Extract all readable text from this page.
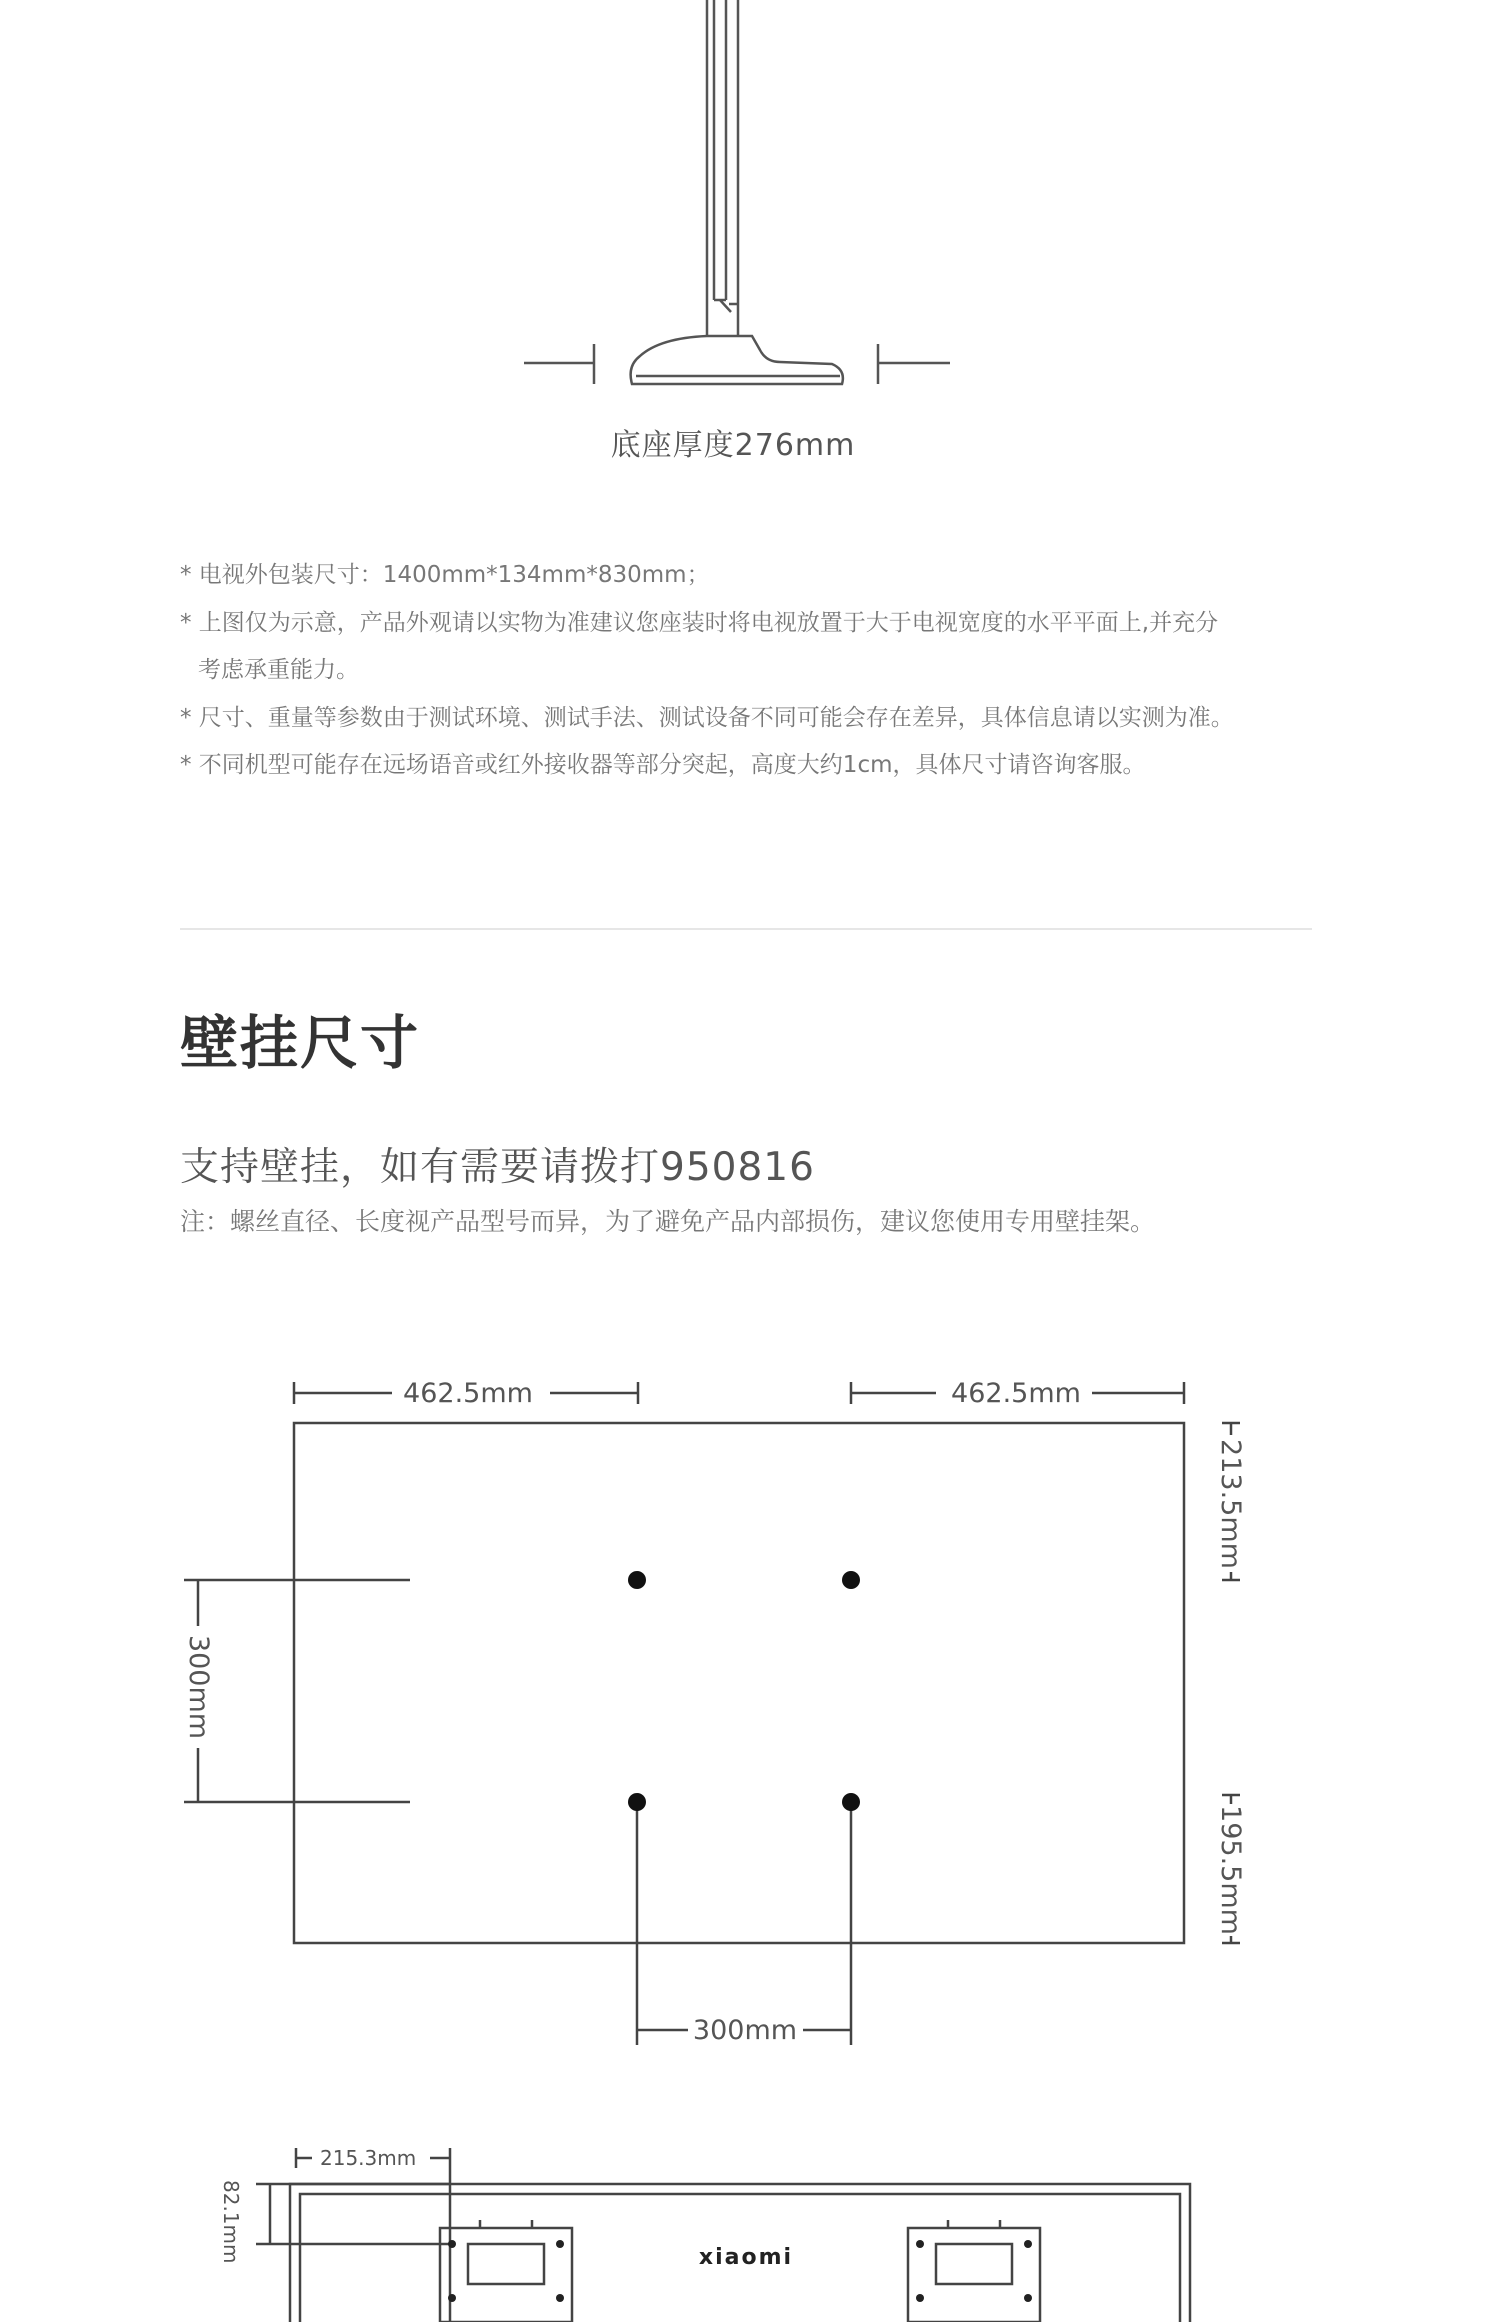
底座厚度276mm

* 电视外包装尺寸：1400mm*134mm*830mm；

* 上图仅为示意，产品外观请以实物为准建议您座装时将电视放置于大于电视宽度的水平平面上,并充分

考虑承重能力。

* 尺寸、重量等参数由于测试环境、测试手法、测试设备不同可能会存在差异，具体信息请以实测为准。

* 不同机型可能存在远场语音或红外接收器等部分突起，高度大约1cm，具体尺寸请咨询客服。

壁挂尺寸
支持壁挂，如有需要请拨打950816
注：螺丝直径、长度视产品型号而异，为了避免产品内部损伤，建议您使用专用壁挂架。
462.5mm	462.5mm
213.5mm
195.5mm
300mm
300mm
215.3mm
82.1mm	xiaomi
